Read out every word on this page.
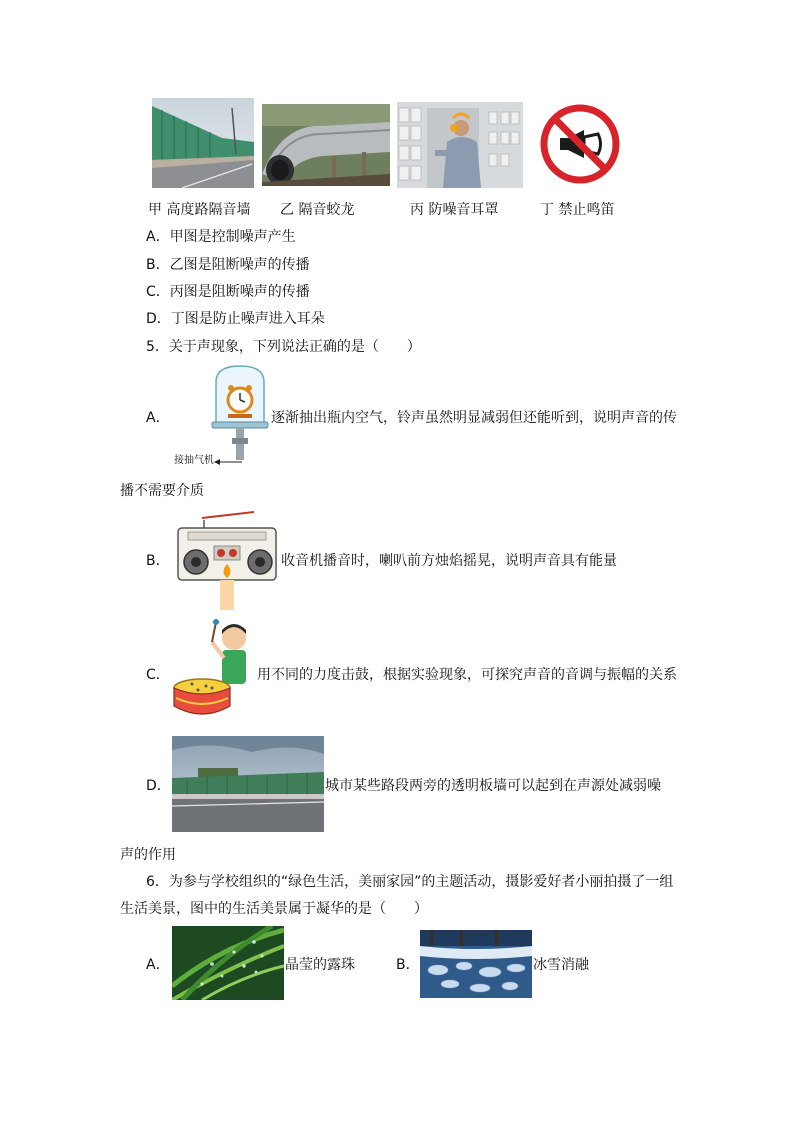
甲 高度路隔音墙 乙 隔音蛟龙	丙 防噪音耳罩	丁 禁止鸣笛
A．甲图是控制噪声产生
B．乙图是阻断噪声的传播
C．丙图是阻断噪声的传播
D．丁图是防止噪声进入耳朵
5．关于声现象，下列说法正确的是（　　）
A．
接抽气机
逐渐抽出瓶内空气，铃声虽然明显减弱但还能听到，说明声音的传
播不需要介质
B．	收音机播音时，喇叭前方烛焰摇晃，说明声音具有能量
C．	用不同的力度击鼓，根据实验现象，可探究声音的音调与振幅的关系
D．	城市某些路段两旁的透明板墙可以起到在声源处减弱噪
声的作用
6．为参与学校组织的“绿色生活，美丽家园”的主题活动，摄影爱好者小丽拍摄了一组
生活美景，图中的生活美景属于凝华的是（　　）
A．	晶莹的露珠	B．	冰雪消融
